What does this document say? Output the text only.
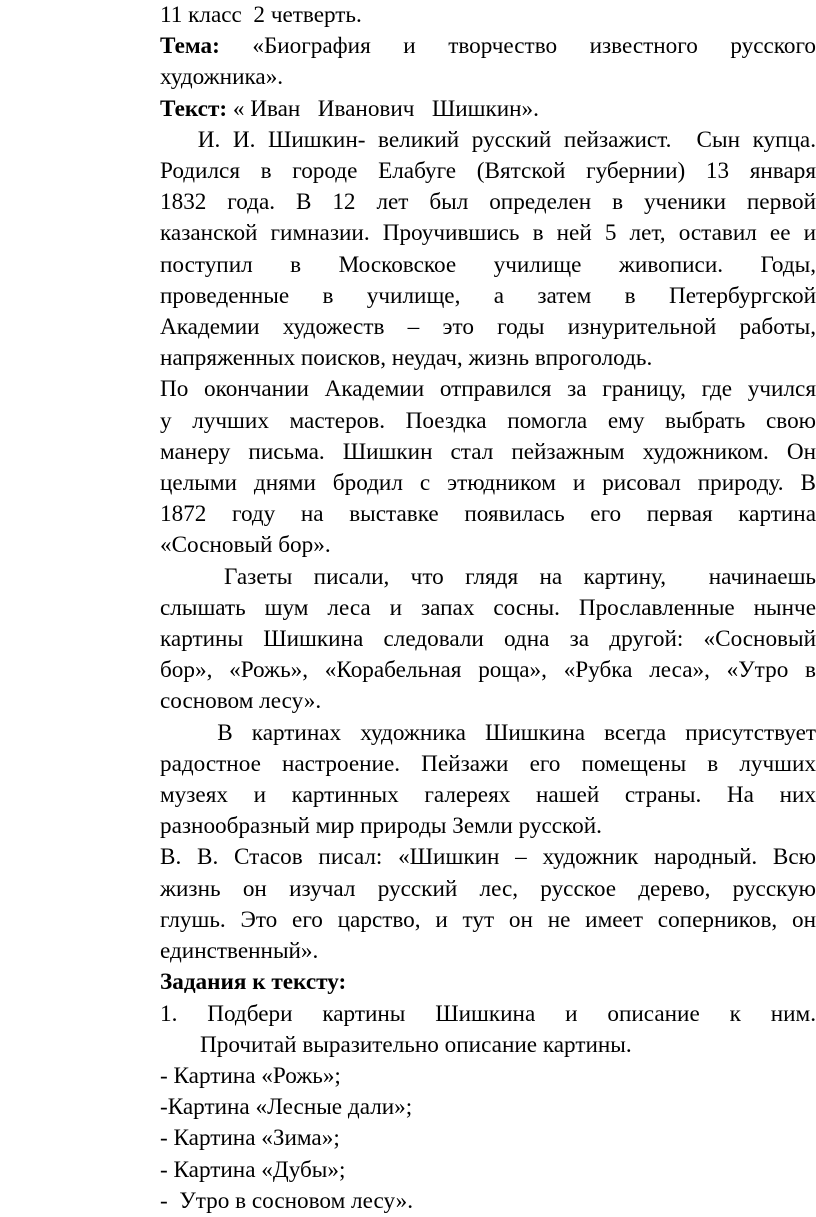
11 класс  2 четверть.
Тема: «Биография и творчество известного русского
художника».
Текст: « Иван   Иванович   Шишкин».
И. И. Шишкин- великий русский пейзажист.  Сын купца.
Родился в городе Елабуге (Вятской губернии) 13 января
1832 года. В 12 лет был определен в ученики первой
казанской гимназии. Проучившись в ней 5 лет, оставил ее и
поступил в Московское училище живописи. Годы,
проведенные в училище, а затем в Петербургской
Академии художеств – это годы изнурительной работы,
напряженных поисков, неудач, жизнь впроголодь.
По окончании Академии отправился за границу, где учился
у лучших мастеров. Поездка помогла ему выбрать свою
манеру письма. Шишкин стал пейзажным художником. Он
целыми днями бродил с этюдником и рисовал природу. В
1872 году на выставке появилась его первая картина
«Сосновый бор».
Газеты писали, что глядя на картину,  начинаешь
слышать шум леса и запах сосны. Прославленные нынче
картины Шишкина следовали одна за другой: «Сосновый
бор», «Рожь», «Корабельная роща», «Рубка леса», «Утро в
сосновом лесу».
В картинах художника Шишкина всегда присутствует
радостное настроение. Пейзажи его помещены в лучших
музеях и картинных галереях нашей страны. На них
разнообразный мир природы Земли русской.
В. В. Стасов писал: «Шишкин – художник народный. Всю
жизнь он изучал русский лес, русское дерево, русскую
глушь. Это его царство, и тут он не имеет соперников, он
единственный».
Задания к тексту:
1. Подбери картины Шишкина и описание к ним.
Прочитай выразительно описание картины.
- Картина «Рожь»;
-Картина «Лесные дали»;
- Картина «Зима»;
- Картина «Дубы»;
-  Утро в сосновом лесу».
